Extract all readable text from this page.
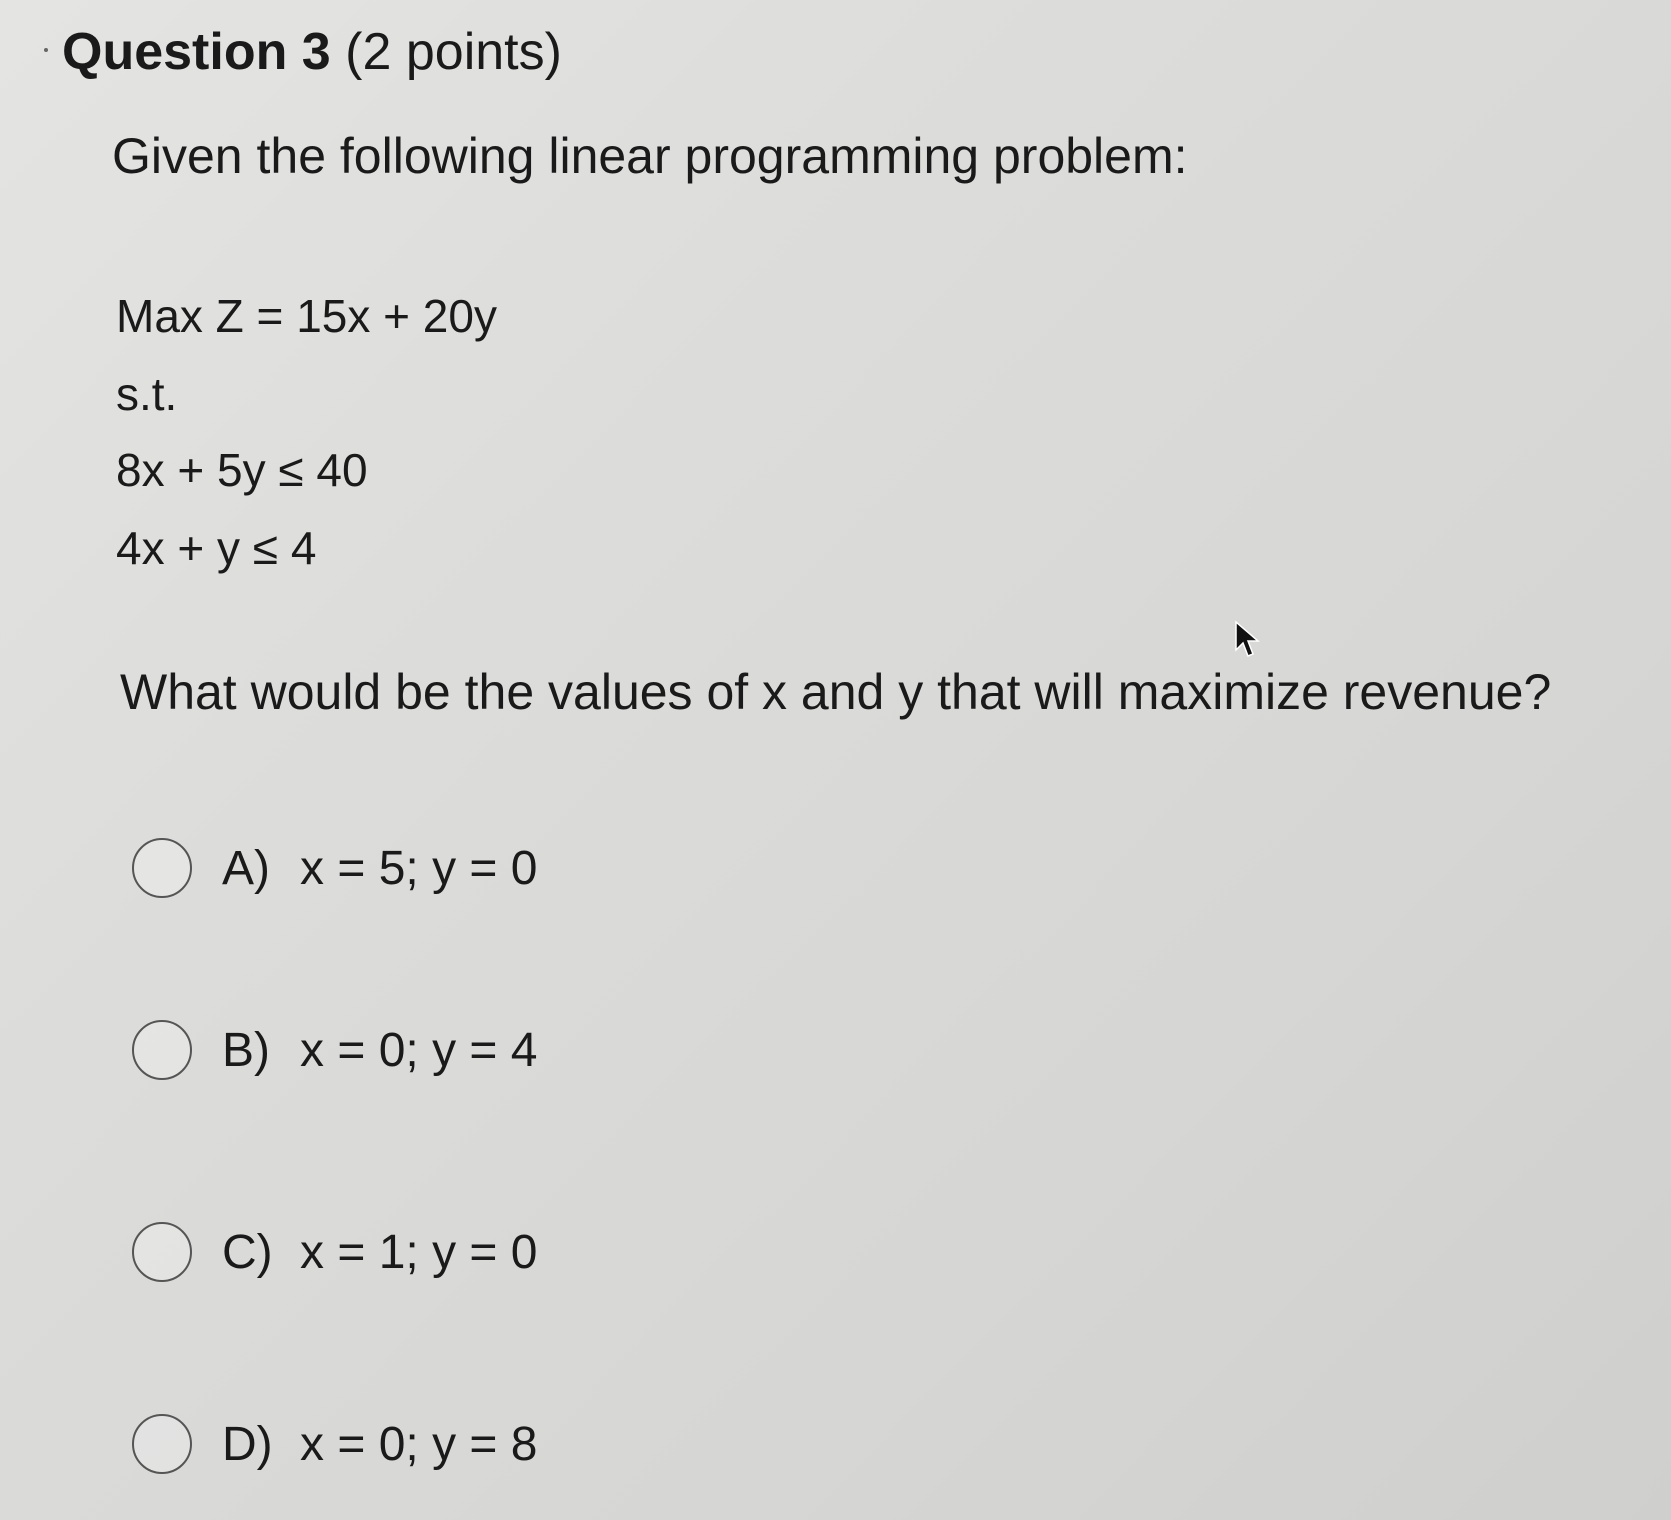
Question 3 (2 points)
Given the following linear programming problem:
Max Z = 15x + 20y
s.t.
8x + 5y ≤ 40
4x + y ≤ 4
What would be the values of x and y that will maximize revenue?
A) x = 5; y = 0
B) x = 0; y = 4
C) x = 1; y = 0
D) x = 0; y = 8
